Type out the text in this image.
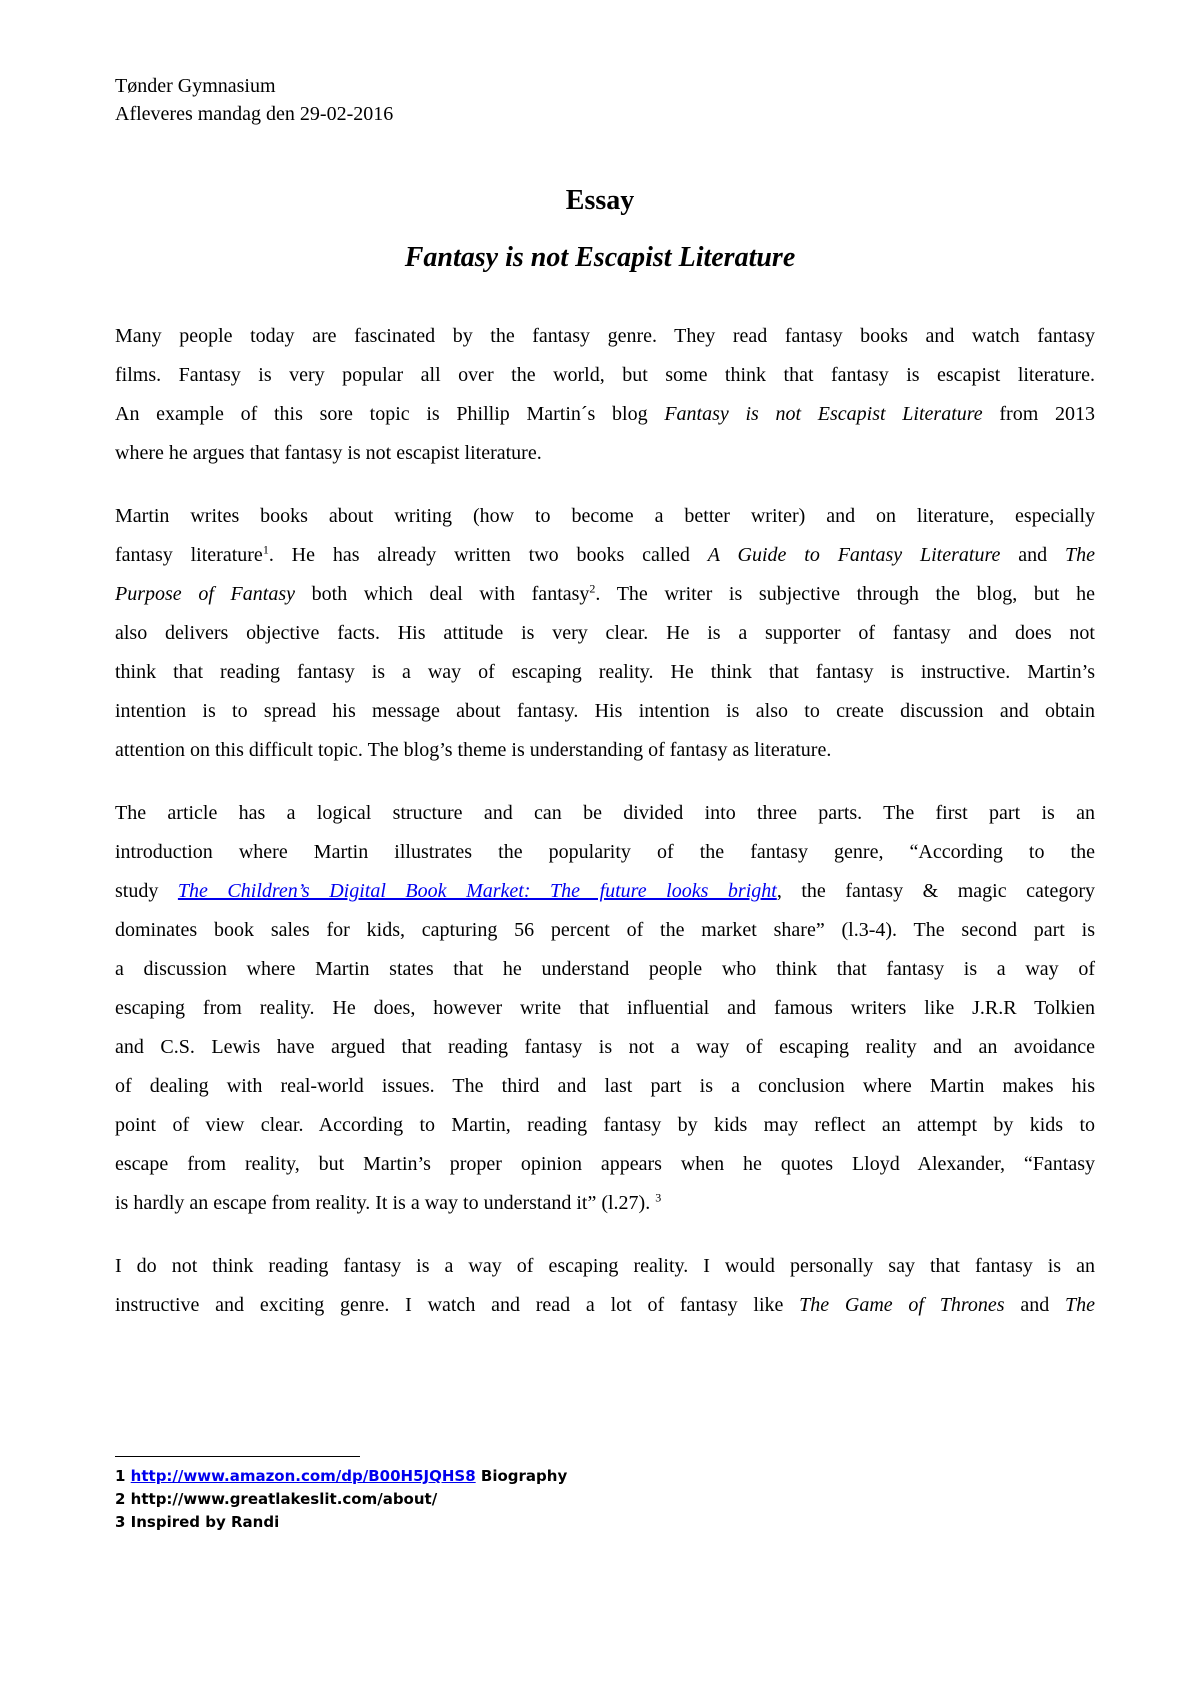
Tønder Gymnasium
Afleveres mandag den 29-02-2016
Essay
Fantasy is not Escapist Literature
Many people today are fascinated by the fantasy genre. They read fantasy books and watch fantasy
films. Fantasy is very popular all over the world, but some think that fantasy is escapist literature.
An example of this sore topic is Phillip Martin´s blog Fantasy is not Escapist Literature from 2013
where he argues that fantasy is not escapist literature.
Martin writes books about writing (how to become a better writer) and on literature, especially
fantasy literature$^1$. He has already written two books called A Guide to Fantasy Literature and The
Purpose of Fantasy both which deal with fantasy$^2$. The writer is subjective through the blog, but he
also delivers objective facts. His attitude is very clear. He is a supporter of fantasy and does not
think that reading fantasy is a way of escaping reality. He think that fantasy is instructive. Martin’s
intention is to spread his message about fantasy. His intention is also to create discussion and obtain
attention on this difficult topic. The blog’s theme is understanding of fantasy as literature.
The article has a logical structure and can be divided into three parts. The first part is an
introduction where Martin illustrates the popularity of the fantasy genre, “According to the
study The Children’s Digital Book Market: The future looks bright, the fantasy & magic category
dominates book sales for kids, capturing 56 percent of the market share” (l.3-4). The second part is
a discussion where Martin states that he understand people who think that fantasy is a way of
escaping from reality. He does, however write that influential and famous writers like J.R.R Tolkien
and C.S. Lewis have argued that reading fantasy is not a way of escaping reality and an avoidance
of dealing with real-world issues. The third and last part is a conclusion where Martin makes his
point of view clear. According to Martin, reading fantasy by kids may reflect an attempt by kids to
escape from reality, but Martin’s proper opinion appears when he quotes Lloyd Alexander, “Fantasy
is hardly an escape from reality. It is a way to understand it” (l.27). $^3$
I do not think reading fantasy is a way of escaping reality. I would personally say that fantasy is an
instructive and exciting genre. I watch and read a lot of fantasy like The Game of Thrones and The
1 http://www.amazon.com/dp/B00H5JQHS8 Biography
2 http://www.greatlakeslit.com/about/
3 Inspired by Randi
